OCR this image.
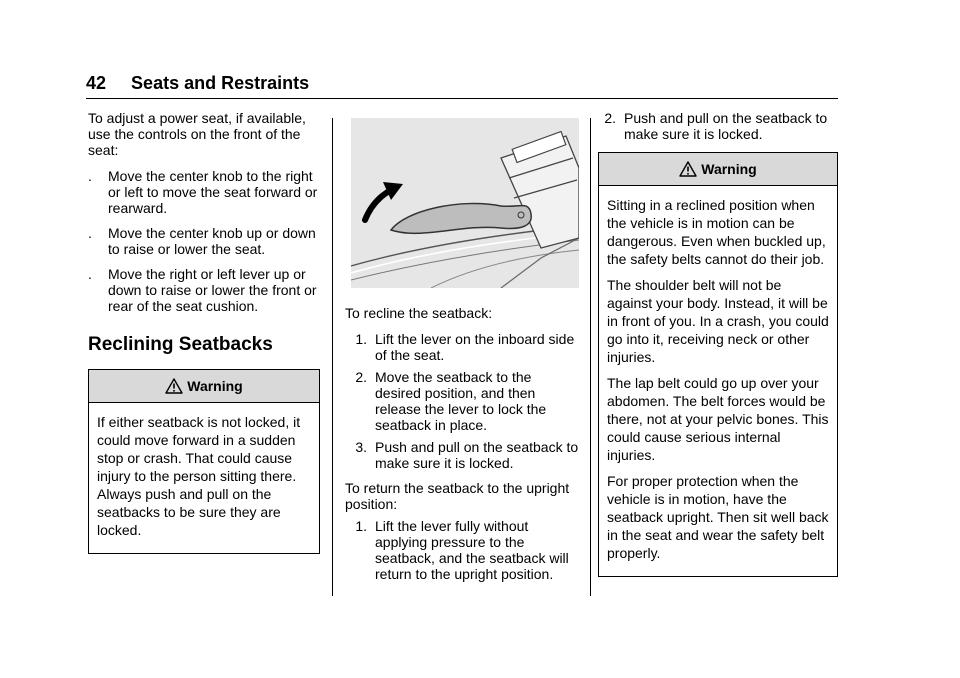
42 Seats and Restraints

To adjust a power seat, if available, use the controls on the front of the seat:

.	Move the center knob to the right or left to move the seat forward or rearward.
.	Move the center knob up or down to raise or lower the seat.
.	Move the right or left lever up or down to raise or lower the front or rear of the seat cushion.
Reclining Seatbacks
Warning

If either seatback is not locked, it could move forward in a sudden stop or crash. That could cause injury to the person sitting there. Always push and pull on the seatbacks to be sure they are locked.

To recline the seatback:

1. Lift the lever on the inboard side of the seat.
2. Move the seatback to the desired position, and then release the lever to lock the seatback in place.
3. Push and pull on the seatback to make sure it is locked.

To return the seatback to the upright position:

1. Lift the lever fully without applying pressure to the seatback, and the seatback will return to the upright position.
2. Push and pull on the seatback to make sure it is locked.
Warning

Sitting in a reclined position when the vehicle is in motion can be dangerous. Even when buckled up, the safety belts cannot do their job.

The shoulder belt will not be against your body. Instead, it will be in front of you. In a crash, you could go into it, receiving neck or other injuries.

The lap belt could go up over your abdomen. The belt forces would be there, not at your pelvic bones. This could cause serious internal injuries.

For proper protection when the vehicle is in motion, have the seatback upright. Then sit well back in the seat and wear the safety belt properly.
